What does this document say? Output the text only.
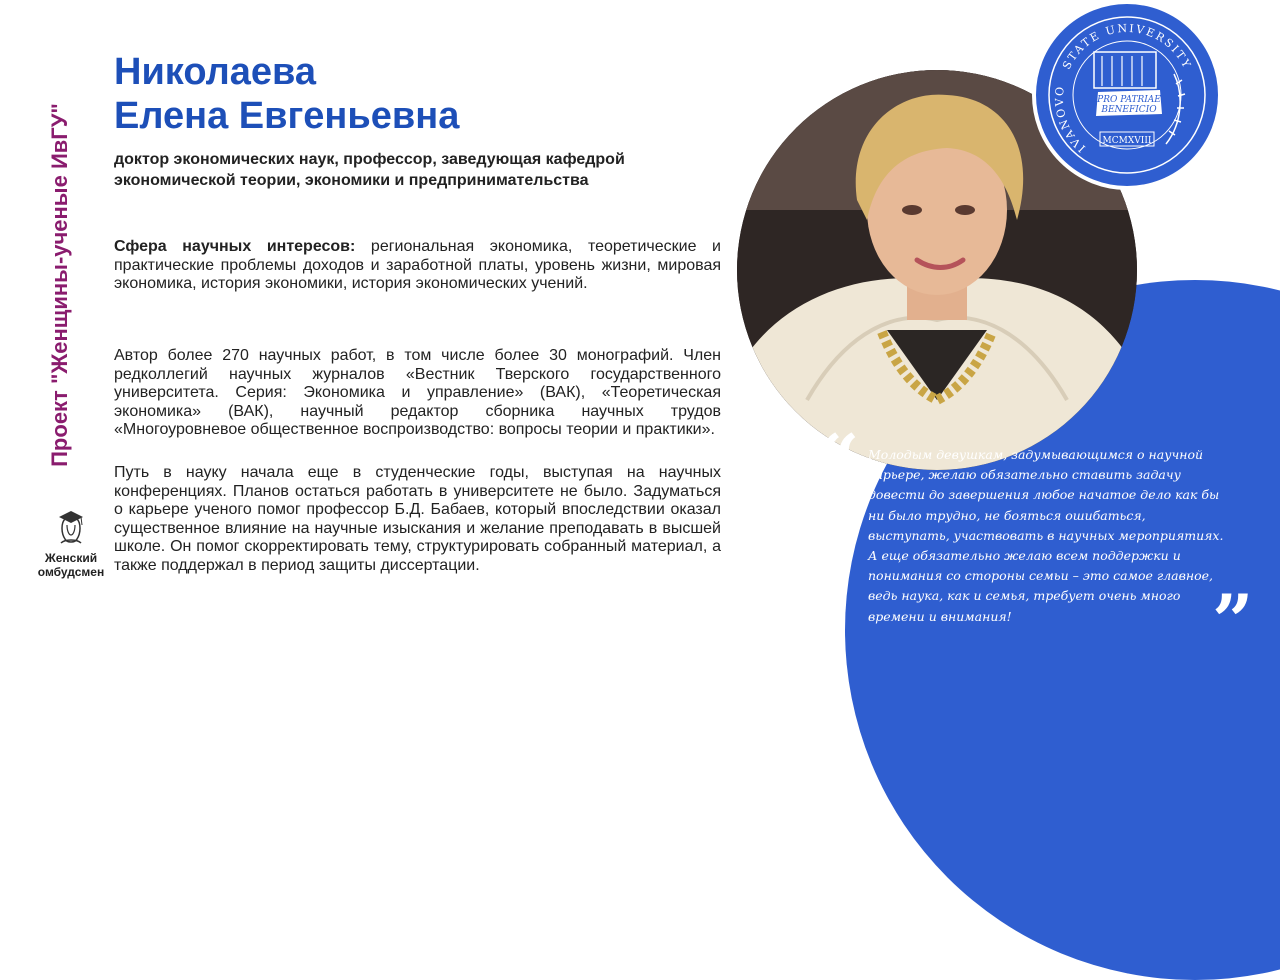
Проект "Женщины-ученые ИвГУ"
Женский
омбудсмен
Николаева
Елена Евгеньевна
доктор экономических наук, профессор, заведующая кафедрой экономической теории, экономики и предпринимательства
Сфера научных интересов: региональная экономика, теоретические и практические проблемы доходов и заработной платы, уровень жизни, мировая экономика, история экономики, история экономических учений.
Автор более 270 научных работ, в том числе более 30 монографий. Член редколлегий научных журналов «Вестник Тверского государственного университета. Серия: Экономика и управление» (ВАК), «Теоретическая экономика» (ВАК), научный редактор сборника научных трудов «Многоуровневое общественное воспроизводство: вопросы теории и практики».
Путь в науку начала еще в студенческие годы, выступая на научных конференциях. Планов остаться работать в университете не было. Задуматься о карьере ученого помог профессор Б.Д. Бабаев, который впоследствии оказал существенное влияние на научные изыскания и желание преподавать в высшей школе. Он помог скорректировать тему, структурировать собранный материал, а также поддержал в период защиты диссертации.
STATE UNIVERSITY
IVANOVO
PRO PATRIAE
BENEFICIO
MCMXVIII
“ Молодым девушкам, задумывающимся о научной карьере, желаю обязательно ставить задачу довести до завершения любое начатое дело как бы ни было трудно, не бояться ошибаться, выступать, участвовать в научных мероприятиях. А еще обязательно желаю всем поддержки и понимания со стороны семьи – это самое главное, ведь наука, как и семья, требует очень много времени и внимания!	”
